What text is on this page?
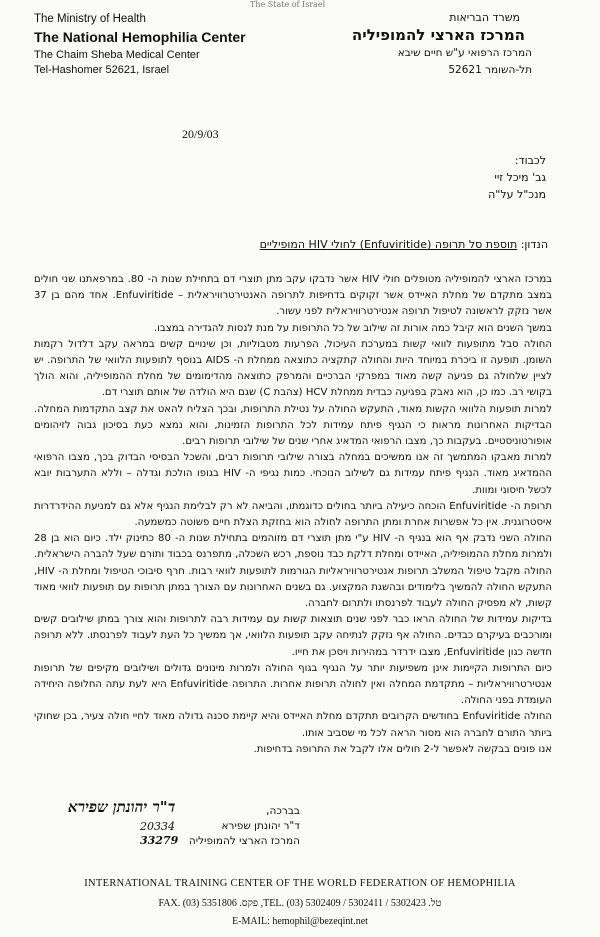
The State of Israel
The Ministry of Health
The National Hemophilia Center
The Chaim Sheba Medical Center
Tel-Hashomer 52621, Israel
משרד הבריאות
המרכז הארצי להמופיליה
המרכז הרפואי ע"ש חיים שיבא
תל-השומר 52621
20/9/03
לכבוד:
גב' מיכל זיי
מנכ"ל על"ה
הנדון: תוספת סל תרופה (Enfuviritide) לחולי HIV המופיליים

במרכז הארצי להמופיליה מטופלים חולי HIV אשר נדבקו עקב מתן תוצרי דם בתחילת שנות ה- 80. במרפאתנו שני חולים במצב מתקדם של מחלת האיידס אשר זקוקים בדחיפות לתרופה האנטירטרוויראלית – Enfuviritide. אחד מהם בן 37 אשר נזקק לראשונה לטיפול תרופה אנטירטרוויראלית לפני עשור.

במשך השנים הוא קיבל כמה אורות זה שילוב של כל התרופות על מנת לנסות להגדירה במצבו.

החולה סבל מתופעות לוואי קשות במערכת העיכול, הפרעות מטבוליות, וכן שינויים קשים במראה עקב דלדול רקמות השומן. תופעה זו ביכרת במיוחד היות והחולה קתקציה כתוצאה ממחלת ה- AIDS בנוסף לתופעות הלוואי של התרופה. יש לציין שלחולה גם פגיעה קשה מאוד במפרקי הברכיים והמרפק כתוצאה מהדימומים של מחלת ההמופיליה, והוא הולך בקושי רב. כמו כן, הוא נאבק בפגיעה כבדית ממחלת HCV (צהבת C) שגם היא הולדה של אותם תוצרי דם.

למרות תופעות הלוואי הקשות מאוד, התעקש החולה על נטילת התרופות, ובכך הצליח להאט את קצב התקדמות המחלה. הבדיקות האחרונות מראות כי הנגיף פיתח עמידות לכל התרופות הזמינות, והוא נמצא כעת בסיכון גבוה לזיהומים אופורטוניסטיים. בעקבות כך, מצבו הרפואי המדאיג אחרי שנים של שילובי תרופות רבים.

למרות מאבקו המתמשך זה אנו ממשיכים במחלה בצורה שילובי תרופות רבים, והשכל הבסיסי הבדוק בכך, מצבו הרפואי ההמדאיג מאוד. הנגיף פיתח עמידות גם לשילוב הנוכחי. כמות נגיפי ה- HIV בגופו הולכת וגדלה – וללא התערבות יובא לכשל חיסוני ומוות.

תרופת ה- Enfuviritide הוכחה כיעילה ביותר בחולים כדוגמתו, והביאה לא רק לבלימת הנגיף אלא גם למניעת ההידרדרות איסטרוגנית. אין כל אפשרות אחרת ומתן התרופה לחולה הוא בחזקת הצלת חיים פשוטה כמשמעה.

החולה השני נדבק אף הוא בנגיף ה- HIV ע"י מתן תוצרי דם מזוהמים בתחילת שנות ה- 80 כתינוק ילד. כיום הוא בן 28 ולמרות מחלת ההמופיליה, האיידס ומחלת דלקת כבד נוספת, רכש השכלה, מתפרנס בכבוד ותורם שעל להברה הישראלית. החולה מקבל טיפול המשלב תרופות אנטירטרוויראליות הגורמות לתופעות לוואי רבות. חרף סיבוכי הטיפול ומחלת ה- HIV, התעקש החולה להמשיך בלימודים ובהשגת המקצוע. גם בשנים האחרונות עם הצורך במתן תרופות עם תופעות לוואי מאוד קשות, לא מפסיק החולה לעבוד לפרנסתו ולתרום לחברה.

בדיקות עמידות של החולה הראו כבר לפני שנים תוצאות קשות עם עמידות רבה לתרופות והוא צורך במתן שילובים קשים ומורכבים בעיקרם כבדים. החולה אף נזקק לנתיחה עקב תופעות הלוואי, אך ממשיך כל העת לעבוד לפרנסתו. ללא תרופה חדשה כגון Enfuviritide, מצבו ידרדר במהירות ויסכן את חייו.

כיום התרופות הקיימות אינן משפיעות יותר על הנגיף בגוף החולה ולמרות מינונים גדולים ושילובים מקיפים של תרופות אנטירטרוויראליות – מתקדמת המחלה ואין לחולה תרופות אחרות. התרופה Enfuviritide היא לעת עתה החלופה היחידה העומדת בפני החולה.

החולה Enfuviritide בחודשים הקרובים תתקדם מחלת האיידס והיא קיימת סכנה גדולה מאוד לחיי חולה צעיר, בכן שחוקי ביותר התורם לחברה הוא מסור הראה לכל מי שסביב אותו.

אנו פונים בבקשה לאפשר ל-2 חולים אלו לקבל את התרופה בדחיפות.

ד"ר יהונתן שפירא
20334
33279
בברכה,
ד"ר יהונתן שפירא
המרכז הארצי להמופיליה
INTERNATIONAL TRAINING CENTER OF THE WORLD FEDERATION OF HEMOPHILIA
FAX. (03) 5351806 .פקס ,TEL. (03) 5302409 / 5302411 / 5302423 .טל
E-MAIL: hemophil@bezeqint.net
